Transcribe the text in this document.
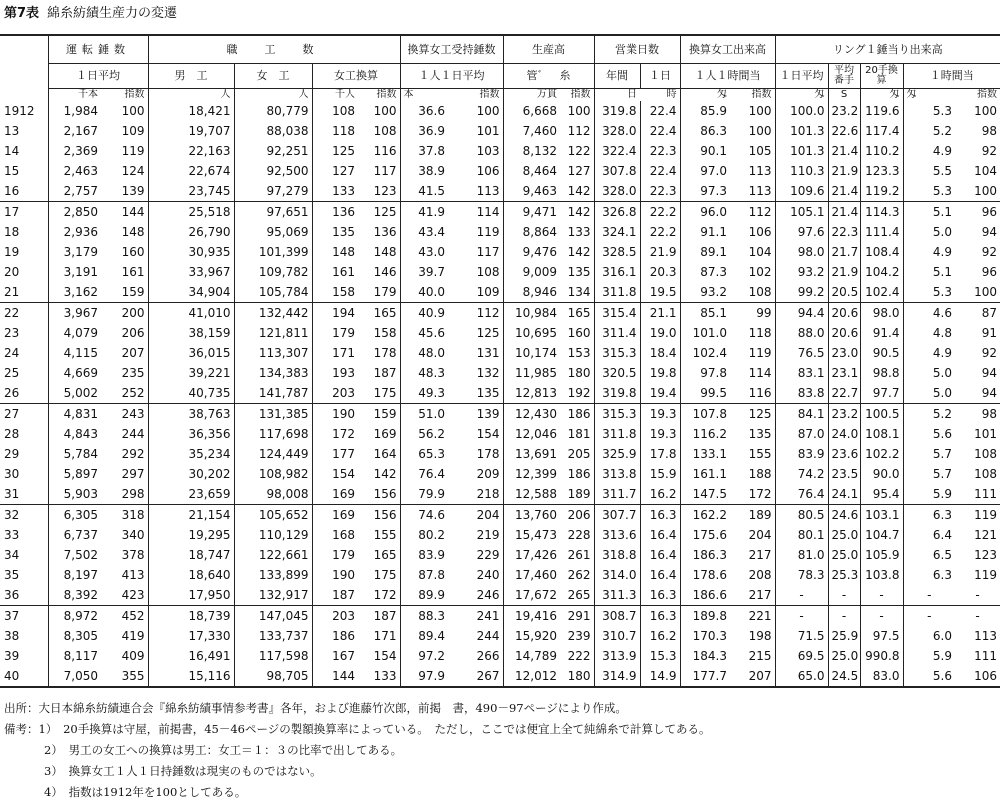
第7表 綿糸紡績生産力の変遷
	運転錘数		職　工　数				換算女工受持錘数		生産高		営業日数		換算女工出来高		リング１錘当り出来高				
	１日平均		男　工	女　工	女工換算		１人１日平均		管゛　糸		年間	１日	１人１時間当		１日平均	平均番手	20手換算	１時間当	
	千本	指数	人	人	千人	指数	本	指数	万貫	指数	日	時	匁	指数	匁	S	匁	匁	指数
1912	1,984	100	18,421	80,779	108	100	36.6	100	6,668	100	319.8	22.4	85.9	100	100.0	23.2	119.6	5.3	100
13	2,167	109	19,707	88,038	118	108	36.9	101	7,460	112	328.0	22.4	86.3	100	101.3	22.6	117.4	5.2	98
14	2,369	119	22,163	92,251	125	116	37.8	103	8,132	122	322.4	22.3	90.1	105	101.3	21.4	110.2	4.9	92
15	2,463	124	22,674	92,500	127	117	38.9	106	8,464	127	307.8	22.4	97.0	113	110.3	21.9	123.3	5.5	104
16	2,757	139	23,745	97,279	133	123	41.5	113	9,463	142	328.0	22.3	97.3	113	109.6	21.4	119.2	5.3	100
17	2,850	144	25,518	97,651	136	125	41.9	114	9,471	142	326.8	22.2	96.0	112	105.1	21.4	114.3	5.1	96
18	2,936	148	26,790	95,069	135	136	43.4	119	8,864	133	324.1	22.2	91.1	106	97.6	22.3	111.4	5.0	94
19	3,179	160	30,935	101,399	148	148	43.0	117	9,476	142	328.5	21.9	89.1	104	98.0	21.7	108.4	4.9	92
20	3,191	161	33,967	109,782	161	146	39.7	108	9,009	135	316.1	20.3	87.3	102	93.2	21.9	104.2	5.1	96
21	3,162	159	34,904	105,784	158	179	40.0	109	8,946	134	311.8	19.5	93.2	108	99.2	20.5	102.4	5.3	100
22	3,967	200	41,010	132,442	194	165	40.9	112	10,984	165	315.4	21.1	85.1	99	94.4	20.6	98.0	4.6	87
23	4,079	206	38,159	121,811	179	158	45.6	125	10,695	160	311.4	19.0	101.0	118	88.0	20.6	91.4	4.8	91
24	4,115	207	36,015	113,307	171	178	48.0	131	10,174	153	315.3	18.4	102.4	119	76.5	23.0	90.5	4.9	92
25	4,669	235	39,221	134,383	193	187	48.3	132	11,985	180	320.5	19.8	97.8	114	83.1	23.1	98.8	5.0	94
26	5,002	252	40,735	141,787	203	175	49.3	135	12,813	192	319.8	19.4	99.5	116	83.8	22.7	97.7	5.0	94
27	4,831	243	38,763	131,385	190	159	51.0	139	12,430	186	315.3	19.3	107.8	125	84.1	23.2	100.5	5.2	98
28	4,843	244	36,356	117,698	172	169	56.2	154	12,046	181	311.8	19.3	116.2	135	87.0	24.0	108.1	5.6	101
29	5,784	292	35,234	124,449	177	164	65.3	178	13,691	205	325.9	17.8	133.1	155	83.9	23.6	102.2	5.7	108
30	5,897	297	30,202	108,982	154	142	76.4	209	12,399	186	313.8	15.9	161.1	188	74.2	23.5	90.0	5.7	108
31	5,903	298	23,659	98,008	169	156	79.9	218	12,588	189	311.7	16.2	147.5	172	76.4	24.1	95.4	5.9	111
32	6,305	318	21,154	105,652	169	156	74.6	204	13,760	206	307.7	16.3	162.2	189	80.5	24.6	103.1	6.3	119
33	6,737	340	19,295	110,129	168	155	80.2	219	15,473	228	313.6	16.4	175.6	204	80.1	25.0	104.7	6.4	121
34	7,502	378	18,747	122,661	179	165	83.9	229	17,426	261	318.8	16.4	186.3	217	81.0	25.0	105.9	6.5	123
35	8,197	413	18,640	133,899	190	175	87.8	240	17,460	262	314.0	16.4	178.6	208	78.3	25.3	103.8	6.3	119
36	8,392	423	17,950	132,917	187	172	89.9	246	17,672	265	311.3	16.3	186.6	217	-	-	-	-	-
37	8,972	452	18,739	147,045	203	187	88.3	241	19,416	291	308.7	16.3	189.8	221	-	-	-	-	-
38	8,305	419	17,330	133,737	186	171	89.4	244	15,920	239	310.7	16.2	170.3	198	71.5	25.9	97.5	6.0	113
39	8,117	409	16,491	117,598	167	154	97.2	266	14,789	222	313.9	15.3	184.3	215	69.5	25.0	990.8	5.9	111
40	7,050	355	15,116	98,705	144	133	97.9	267	12,012	180	314.9	14.9	177.7	207	65.0	24.5	83.0	5.6	106
出所：大日本綿糸紡績連合会『綿糸紡績事情参考書』各年，および進藤竹次郎，前掲　書，490－97ページにより作成。
備考：1）　20手換算は守屋，前掲書，45－46ページの製額換算率によっている。　ただし，ここでは便宜上全て純綿糸で計算してある。
2）　男工の女工への換算は男工：女工＝１：３の比率で出してある。
3）　換算女工１人１日持錘数は現実のものではない。
4）　指数は1912年を100としてある。
